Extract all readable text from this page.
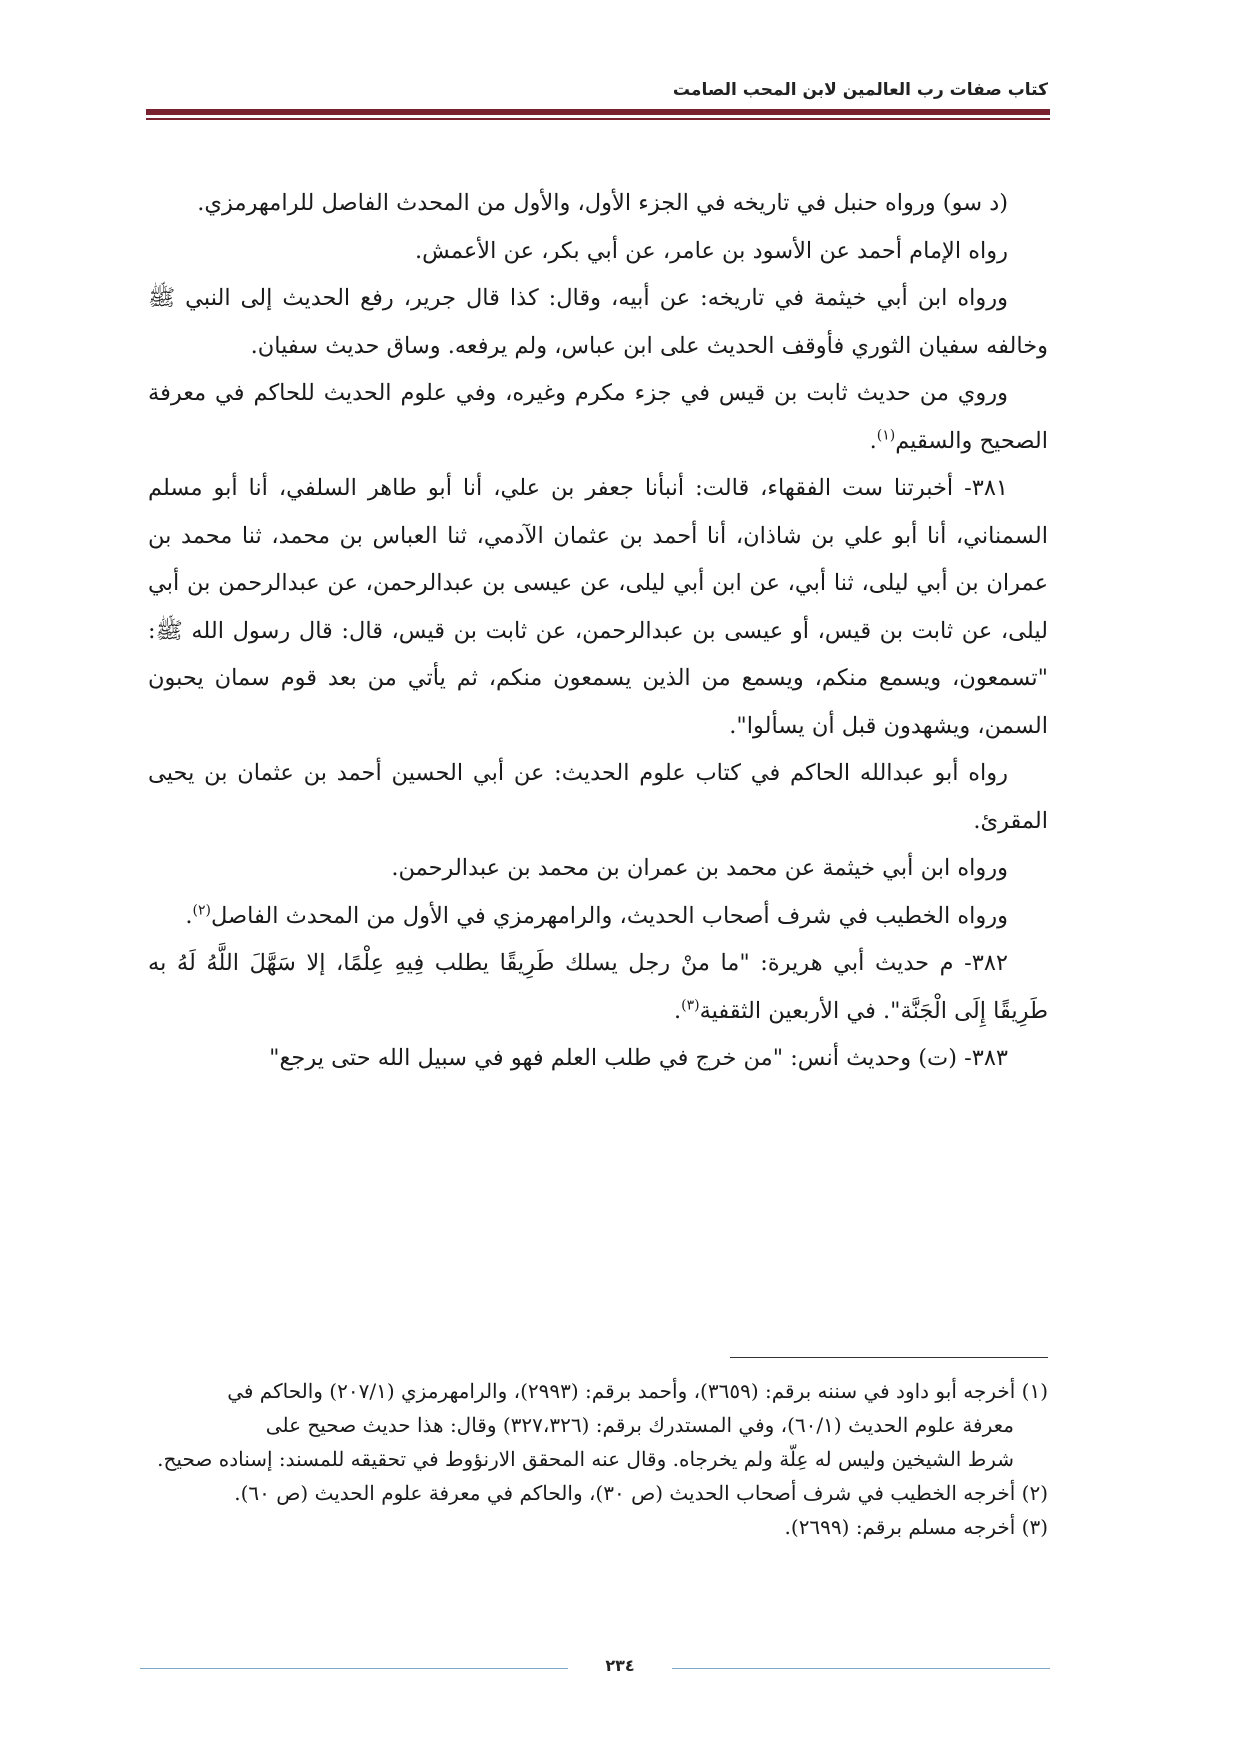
كتاب صفات رب العالمين لابن المحب الصامت

(د سو) ورواه حنبل في تاريخه في الجزء الأول، والأول من المحدث الفاصل للرامهرمزي.

رواه الإمام أحمد عن الأسود بن عامر، عن أبي بكر، عن الأعمش.

ورواه ابن أبي خيثمة في تاريخه: عن أبيه، وقال: كذا قال جرير، رفع الحديث إلى النبي ﷺ وخالفه سفيان الثوري فأوقف الحديث على ابن عباس، ولم يرفعه. وساق حديث سفيان.

وروي من حديث ثابت بن قيس في جزء مكرم وغيره، وفي علوم الحديث للحاكم في معرفة الصحيح والسقيم$^{(١)}$.

٣٨١- أخبرتنا ست الفقهاء، قالت: أنبأنا جعفر بن علي، أنا أبو طاهر السلفي، أنا أبو مسلم السمناني، أنا أبو علي بن شاذان، أنا أحمد بن عثمان الآدمي، ثنا العباس بن محمد، ثنا محمد بن عمران بن أبي ليلى، ثنا أبي، عن ابن أبي ليلى، عن عيسى بن عبدالرحمن، عن عبدالرحمن بن أبي ليلى، عن ثابت بن قيس، أو عيسى بن عبدالرحمن، عن ثابت بن قيس، قال: قال رسول الله ﷺ: "تسمعون، ويسمع منكم، ويسمع من الذين يسمعون منكم، ثم يأتي من بعد قوم سمان يحبون السمن، ويشهدون قبل أن يسألوا".

رواه أبو عبدالله الحاكم في كتاب علوم الحديث: عن أبي الحسين أحمد بن عثمان بن يحيى المقرئ.

ورواه ابن أبي خيثمة عن محمد بن عمران بن محمد بن عبدالرحمن.

ورواه الخطيب في شرف أصحاب الحديث، والرامهرمزي في الأول من المحدث الفاصل$^{(٢)}$.

٣٨٢- م حديث أبي هريرة: "ما منْ رجل يسلك طَرِيقًا يطلب فِيهِ عِلْمًا، إلا سَهَّلَ اللَّهُ لَهُ به طَرِيقًا إِلَى الْجَنَّة". في الأربعين الثقفية$^{(٣)}$.

٣٨٣- (ت) وحديث أنس: "من خرج في طلب العلم فهو في سبيل الله حتى يرجع"

(١) أخرجه أبو داود في سننه برقم: (٣٦٥٩)، وأحمد برقم: (٢٩٩٣)، والرامهرمزي (٢٠٧/١) والحاكم في

معرفة علوم الحديث (٦٠/١)، وفي المستدرك برقم: (٣٢٧،٣٢٦) وقال: هذا حديث صحيح على

شرط الشيخين وليس له عِلّة ولم يخرجاه. وقال عنه المحقق الارنؤوط في تحقيقه للمسند: إسناده صحيح.

(٢) أخرجه الخطيب في شرف أصحاب الحديث (ص ٣٠)، والحاكم في معرفة علوم الحديث (ص ٦٠).

(٣) أخرجه مسلم برقم: (٢٦٩٩).

٢٣٤
